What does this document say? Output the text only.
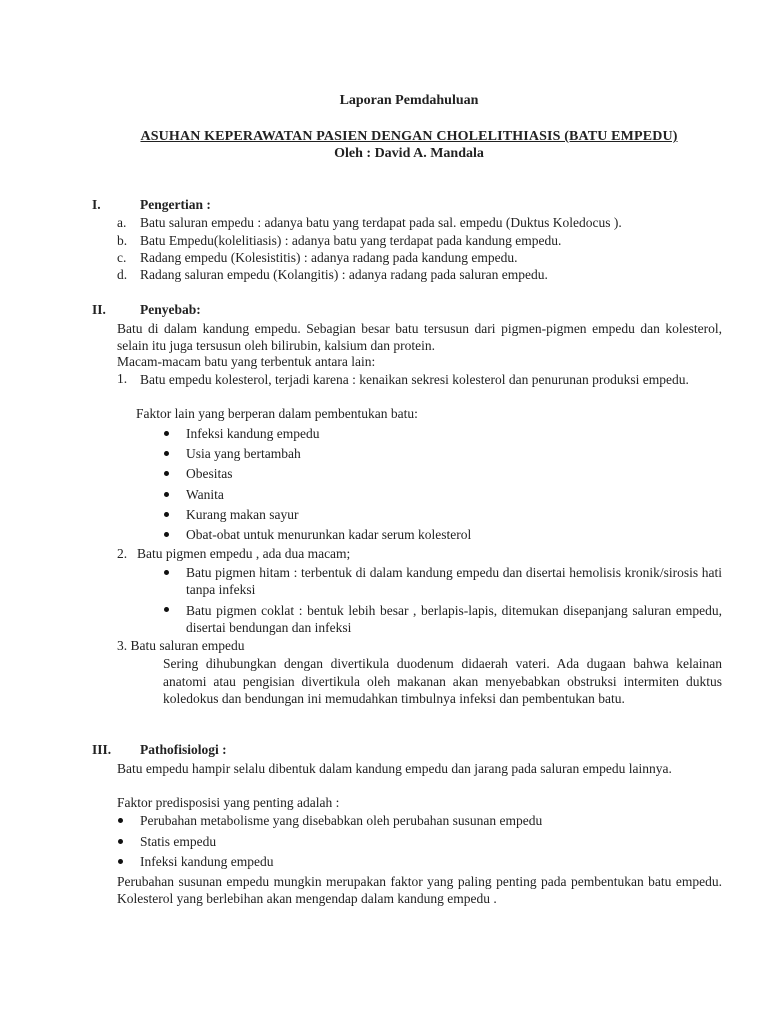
Laporan Pemdahuluan
ASUHAN KEPERAWATAN PASIEN DENGAN CHOLELITHIASIS (BATU EMPEDU)
Oleh : David A. Mandala
I.	Pengertian :
a. Batu saluran empedu : adanya batu yang terdapat pada sal. empedu (Duktus Koledocus ).
b. Batu Empedu(kolelitiasis) : adanya batu yang terdapat pada kandung empedu.
c. Radang empedu (Kolesistitis) : adanya radang pada kandung empedu.
d. Radang saluran empedu (Kolangitis) : adanya radang pada saluran empedu.
II.	Penyebab:
Batu di dalam kandung empedu. Sebagian besar batu tersusun dari pigmen-pigmen empedu dan kolesterol, selain itu juga tersusun oleh bilirubin, kalsium dan protein.
Macam-macam batu yang terbentuk antara lain:
1. Batu empedu kolesterol, terjadi karena : kenaikan sekresi kolesterol dan penurunan produksi empedu.
Faktor lain yang berperan dalam pembentukan batu:
Infeksi kandung empedu
Usia yang bertambah
Obesitas
Wanita
Kurang makan sayur
Obat-obat untuk menurunkan kadar serum kolesterol
2. Batu pigmen empedu , ada dua macam;
Batu pigmen hitam : terbentuk di dalam kandung empedu dan disertai hemolisis kronik/sirosis hati tanpa infeksi
Batu pigmen coklat : bentuk lebih besar , berlapis-lapis, ditemukan disepanjang saluran empedu, disertai bendungan dan infeksi
3. Batu saluran empedu
Sering dihubungkan dengan divertikula duodenum didaerah vateri. Ada dugaan bahwa kelainan anatomi atau pengisian divertikula oleh makanan akan menyebabkan obstruksi intermiten duktus koledokus dan bendungan ini memudahkan timbulnya infeksi dan pembentukan batu.
III. Pathofisiologi :
Batu empedu hampir selalu dibentuk dalam kandung empedu dan jarang pada saluran empedu lainnya.
Faktor predisposisi yang penting adalah :
Perubahan metabolisme yang disebabkan oleh perubahan susunan empedu
Statis empedu
Infeksi kandung empedu
Perubahan susunan empedu mungkin merupakan faktor yang paling penting pada pembentukan batu empedu. Kolesterol yang berlebihan akan mengendap dalam kandung empedu .
